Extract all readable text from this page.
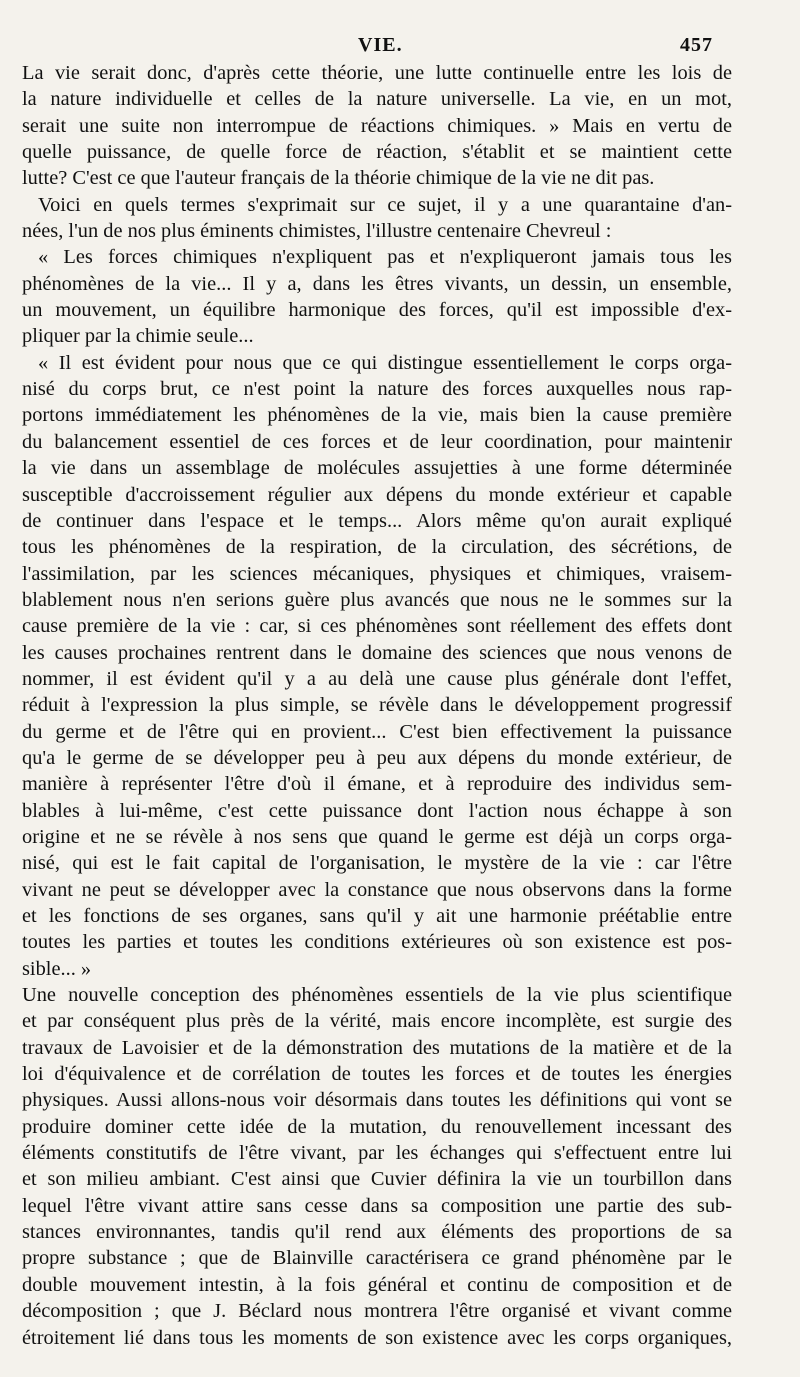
VIE.	457
La vie serait donc, d'après cette théorie, une lutte continuelle entre les lois de
la nature individuelle et celles de la nature universelle. La vie, en un mot,
serait une suite non interrompue de réactions chimiques. » Mais en vertu de
quelle puissance, de quelle force de réaction, s'établit et se maintient cette
lutte? C'est ce que l'auteur français de la théorie chimique de la vie ne dit pas.
Voici en quels termes s'exprimait sur ce sujet, il y a une quarantaine d'an-
nées, l'un de nos plus éminents chimistes, l'illustre centenaire Chevreul :
« Les forces chimiques n'expliquent pas et n'expliqueront jamais tous les
phénomènes de la vie... Il y a, dans les êtres vivants, un dessin, un ensemble,
un mouvement, un équilibre harmonique des forces, qu'il est impossible d'ex-
pliquer par la chimie seule...
« Il est évident pour nous que ce qui distingue essentiellement le corps orga-
nisé du corps brut, ce n'est point la nature des forces auxquelles nous rap-
portons immédiatement les phénomènes de la vie, mais bien la cause première
du balancement essentiel de ces forces et de leur coordination, pour maintenir
la vie dans un assemblage de molécules assujetties à une forme déterminée
susceptible d'accroissement régulier aux dépens du monde extérieur et capable
de continuer dans l'espace et le temps... Alors même qu'on aurait expliqué
tous les phénomènes de la respiration, de la circulation, des sécrétions, de
l'assimilation, par les sciences mécaniques, physiques et chimiques, vraisem-
blablement nous n'en serions guère plus avancés que nous ne le sommes sur la
cause première de la vie : car, si ces phénomènes sont réellement des effets dont
les causes prochaines rentrent dans le domaine des sciences que nous venons de
nommer, il est évident qu'il y a au delà une cause plus générale dont l'effet,
réduit à l'expression la plus simple, se révèle dans le développement progressif
du germe et de l'être qui en provient... C'est bien effectivement la puissance
qu'a le germe de se développer peu à peu aux dépens du monde extérieur, de
manière à représenter l'être d'où il émane, et à reproduire des individus sem-
blables à lui-même, c'est cette puissance dont l'action nous échappe à son
origine et ne se révèle à nos sens que quand le germe est déjà un corps orga-
nisé, qui est le fait capital de l'organisation, le mystère de la vie : car l'être
vivant ne peut se développer avec la constance que nous observons dans la forme
et les fonctions de ses organes, sans qu'il y ait une harmonie préétablie entre
toutes les parties et toutes les conditions extérieures où son existence est pos-
sible... »
Une nouvelle conception des phénomènes essentiels de la vie plus scientifique
et par conséquent plus près de la vérité, mais encore incomplète, est surgie des
travaux de Lavoisier et de la démonstration des mutations de la matière et de la
loi d'équivalence et de corrélation de toutes les forces et de toutes les énergies
physiques. Aussi allons-nous voir désormais dans toutes les définitions qui vont se
produire dominer cette idée de la mutation, du renouvellement incessant des
éléments constitutifs de l'être vivant, par les échanges qui s'effectuent entre lui
et son milieu ambiant. C'est ainsi que Cuvier définira la vie un tourbillon dans
lequel l'être vivant attire sans cesse dans sa composition une partie des sub-
stances environnantes, tandis qu'il rend aux éléments des proportions de sa
propre substance ; que de Blainville caractérisera ce grand phénomène par le
double mouvement intestin, à la fois général et continu de composition et de
décomposition ; que J. Béclard nous montrera l'être organisé et vivant comme
étroitement lié dans tous les moments de son existence avec les corps organiques,
